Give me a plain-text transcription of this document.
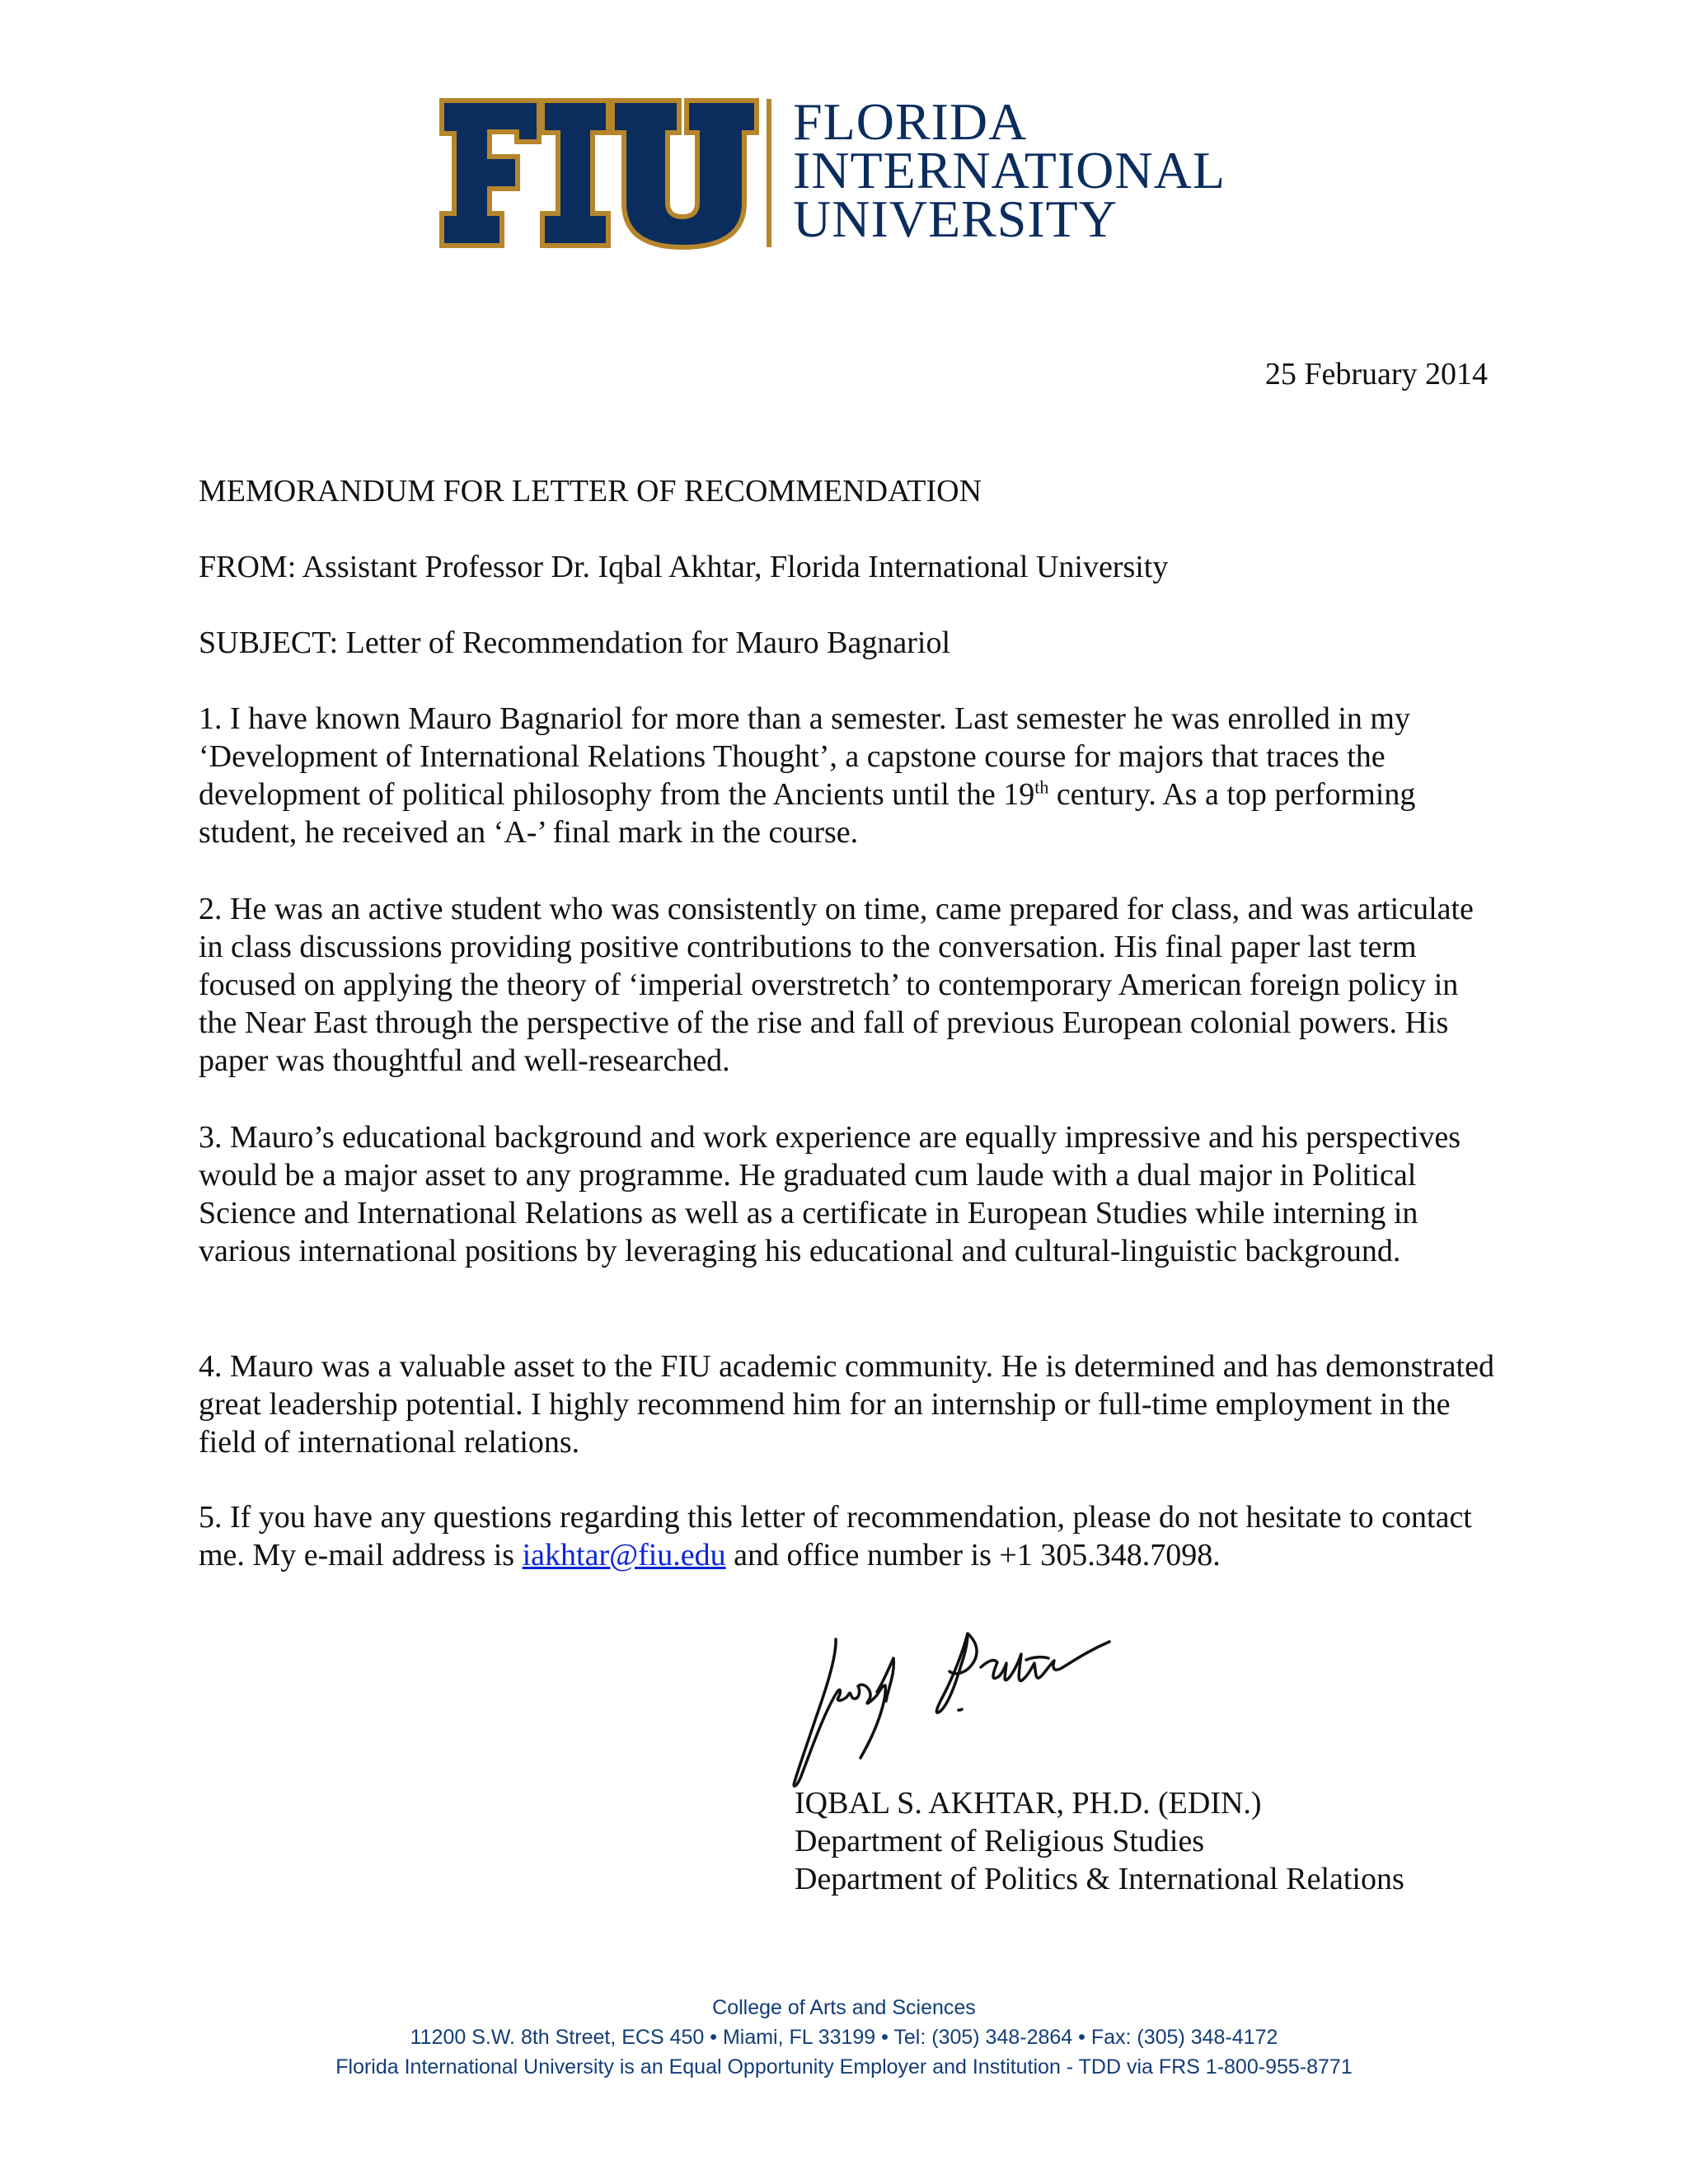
FLORIDA
INTERNATIONAL
UNIVERSITY
25 February 2014
MEMORANDUM FOR LETTER OF RECOMMENDATION
FROM: Assistant Professor Dr. Iqbal Akhtar, Florida International University
SUBJECT: Letter of Recommendation for Mauro Bagnariol

1. I have known Mauro Bagnariol for more than a semester. Last semester he was enrolled in my ‘Development of International Relations Thought’, a capstone course for majors that traces the development of political philosophy from the Ancients until the 19th century. As a top performing student, he received an ‘A-’ final mark in the course.

2. He was an active student who was consistently on time, came prepared for class, and was articulate in class discussions providing positive contributions to the conversation. His final paper last term focused on applying the theory of ‘imperial overstretch’ to contemporary American foreign policy in the Near East through the perspective of the rise and fall of previous European colonial powers. His paper was thoughtful and well-researched.

3. Mauro’s educational background and work experience are equally impressive and his perspectives would be a major asset to any programme. He graduated cum laude with a dual major in Political Science and International Relations as well as a certificate in European Studies while interning in various international positions by leveraging his educational and cultural-linguistic background.

4. Mauro was a valuable asset to the FIU academic community. He is determined and has demonstrated great leadership potential. I highly recommend him for an internship or full-time employment in the field of international relations.

5. If you have any questions regarding this letter of recommendation, please do not hesitate to contact me. My e-mail address is iakhtar@fiu.edu and office number is +1 305.348.7098.

IQBAL S. AKHTAR, PH.D. (EDIN.)
Department of Religious Studies
Department of Politics & International Relations
College of Arts and Sciences
11200 S.W. 8th Street, ECS 450 • Miami, FL 33199 • Tel: (305) 348-2864 • Fax: (305) 348-4172
Florida International University is an Equal Opportunity Employer and Institution - TDD via FRS 1-800-955-8771
